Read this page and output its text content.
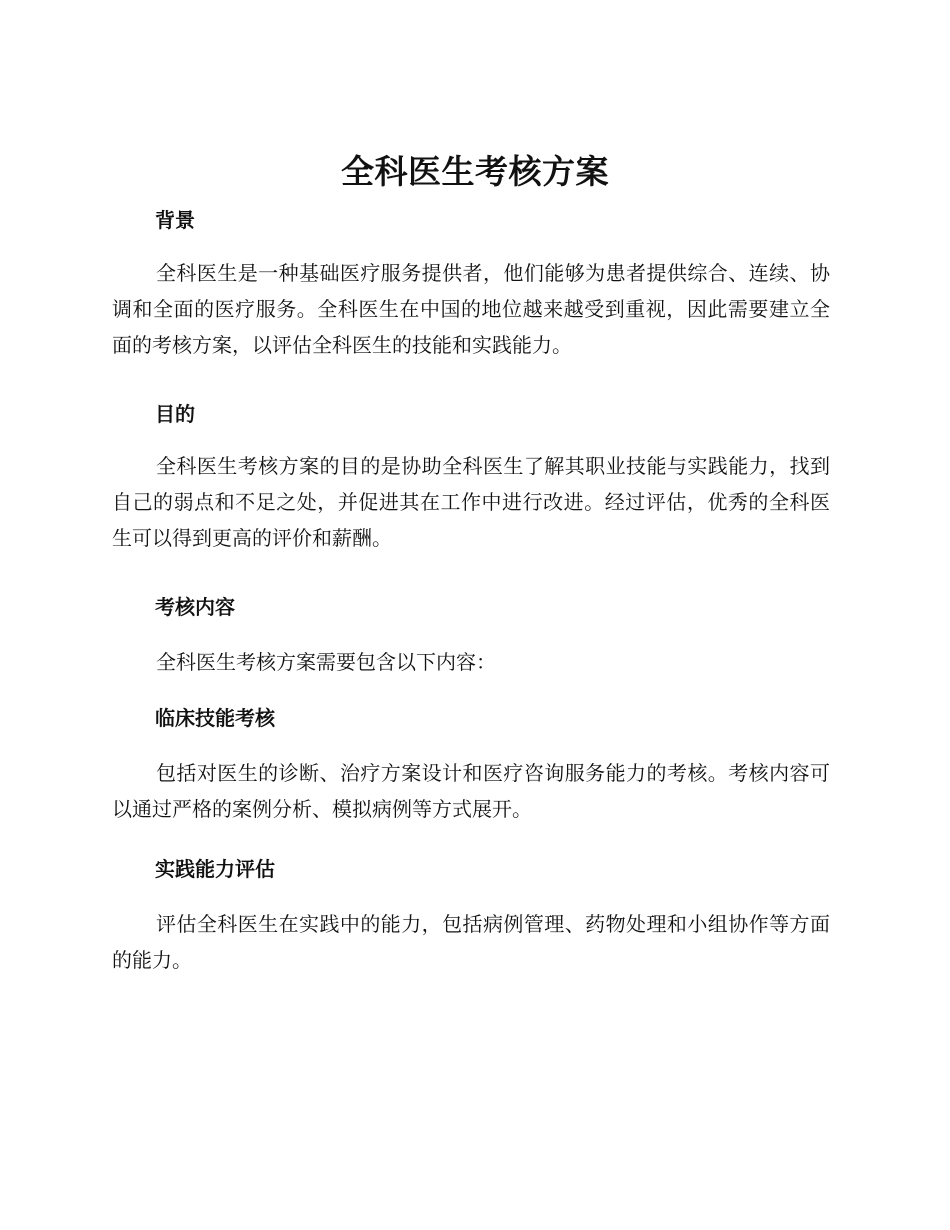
全科医生考核方案
背景

全科医生是一种基础医疗服务提供者，他们能够为患者提供综合、连续、协调和全面的医疗服务。全科医生在中国的地位越来越受到重视，因此需要建立全面的考核方案，以评估全科医生的技能和实践能力。

目的

全科医生考核方案的目的是协助全科医生了解其职业技能与实践能力，找到自己的弱点和不足之处，并促进其在工作中进行改进。经过评估，优秀的全科医生可以得到更高的评价和薪酬。

考核内容

全科医生考核方案需要包含以下内容：

临床技能考核

包括对医生的诊断、治疗方案设计和医疗咨询服务能力的考核。考核内容可以通过严格的案例分析、模拟病例等方式展开。

实践能力评估

评估全科医生在实践中的能力，包括病例管理、药物处理和小组协作等方面的能力。
